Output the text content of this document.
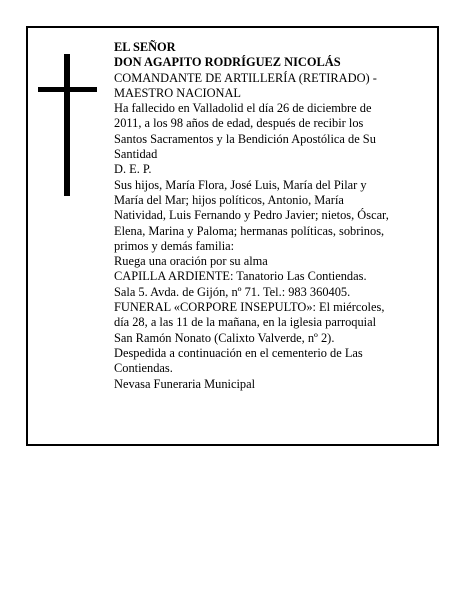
EL SEÑOR
DON AGAPITO RODRÍGUEZ NICOLÁS
COMANDANTE DE ARTILLERÍA (RETIRADO) -
MAESTRO NACIONAL
Ha fallecido en Valladolid el día 26 de diciembre de
2011, a los 98 años de edad, después de recibir los
Santos Sacramentos y la Bendición Apostólica de Su
Santidad
D. E. P.
Sus hijos, María Flora, José Luis, María del Pilar y
María del Mar; hijos políticos, Antonio, María
Natividad, Luis Fernando y Pedro Javier; nietos, Óscar,
Elena, Marina y Paloma; hermanas políticas, sobrinos,
primos y demás familia:
Ruega una oración por su alma
CAPILLA ARDIENTE: Tanatorio Las Contiendas.
Sala 5. Avda. de Gijón, nº 71. Tel.: 983 360405.
FUNERAL «CORPORE INSEPULTO»: El miércoles,
día 28, a las 11 de la mañana, en la iglesia parroquial
San Ramón Nonato (Calixto Valverde, nº 2).
Despedida a continuación en el cementerio de Las
Contiendas.
Nevasa Funeraria Municipal
